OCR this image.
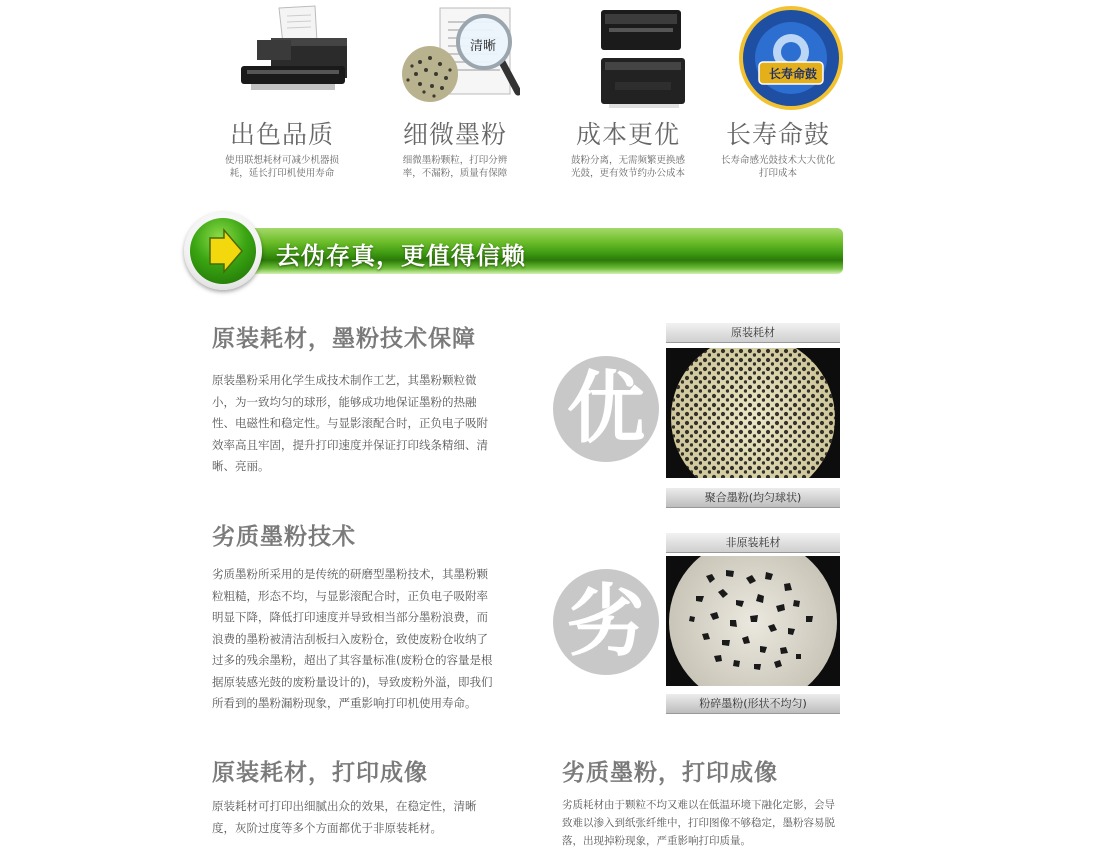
出色品质
使用联想耗材可减少机器损耗，延长打印机使用寿命
清晰
细微墨粉
细微墨粉颗粒，打印分辨率，不漏粉，质量有保障
成本更优
鼓粉分离，无需频繁更换感光鼓，更有效节约办公成本
长寿命鼓
长寿命鼓
长寿命感光鼓技术大大优化打印成本
去伪存真，更值得信赖
原装耗材，墨粉技术保障
原装墨粉采用化学生成技术制作工艺，其墨粉颗粒微小，为一致均匀的球形，能够成功地保证墨粉的热融性、电磁性和稳定性。与显影滚配合时，正负电子吸附效率高且牢固，提升打印速度并保证打印线条精细、清晰、亮丽。
优
原装耗材
聚合墨粉(均匀球状)
劣质墨粉技术
劣质墨粉所采用的是传统的研磨型墨粉技术，其墨粉颗粒粗糙，形态不均，与显影滚配合时，正负电子吸附率明显下降，降低打印速度并导致相当部分墨粉浪费，而浪费的墨粉被清洁刮板扫入废粉仓，致使废粉仓收纳了过多的残余墨粉，超出了其容量标准(废粉仓的容量是根据原装感光鼓的废粉量设计的)，导致废粉外溢，即我们所看到的墨粉漏粉现象，严重影响打印机使用寿命。
劣
非原装耗材
粉碎墨粉(形状不均匀)
原装耗材，打印成像
原装耗材可打印出细腻出众的效果，在稳定性，清晰度，灰阶过度等多个方面都优于非原装耗材。
劣质墨粉，打印成像
劣质耗材由于颗粒不均又难以在低温环境下融化定影，会导致难以渗入到纸张纤维中，打印图像不够稳定，墨粉容易脱落，出现掉粉现象，严重影响打印质量。
